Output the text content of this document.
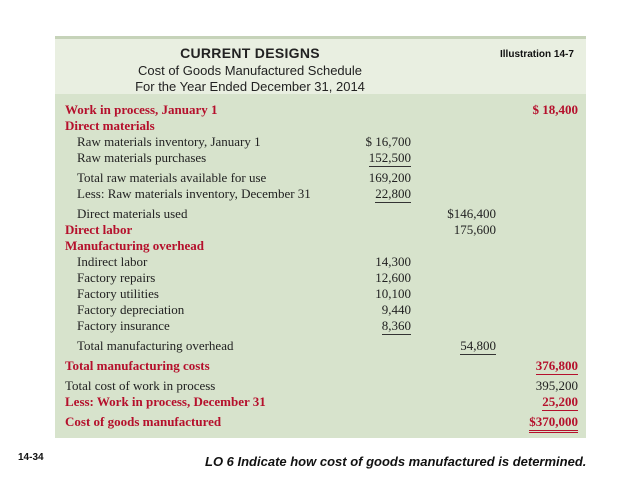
CURRENT DESIGNS
Cost of Goods Manufactured Schedule
For the Year Ended December 31, 2014
Illustration 14-7
Work in process, January 1	$ 18,400
Direct materials
Raw materials inventory, January 1	$ 16,700
Raw materials purchases	152,500
Total raw materials available for use	169,200
Less: Raw materials inventory, December 31	22,800
Direct materials used	$146,400
Direct labor	175,600
Manufacturing overhead
Indirect labor	14,300
Factory repairs	12,600
Factory utilities	10,100
Factory depreciation	9,440
Factory insurance	8,360
Total manufacturing overhead	54,800
Total manufacturing costs	376,800
Total cost of work in process	395,200
Less: Work in process, December 31	25,200
Cost of goods manufactured	$370,000
14-34	LO 6 Indicate how cost of goods manufactured is determined.
